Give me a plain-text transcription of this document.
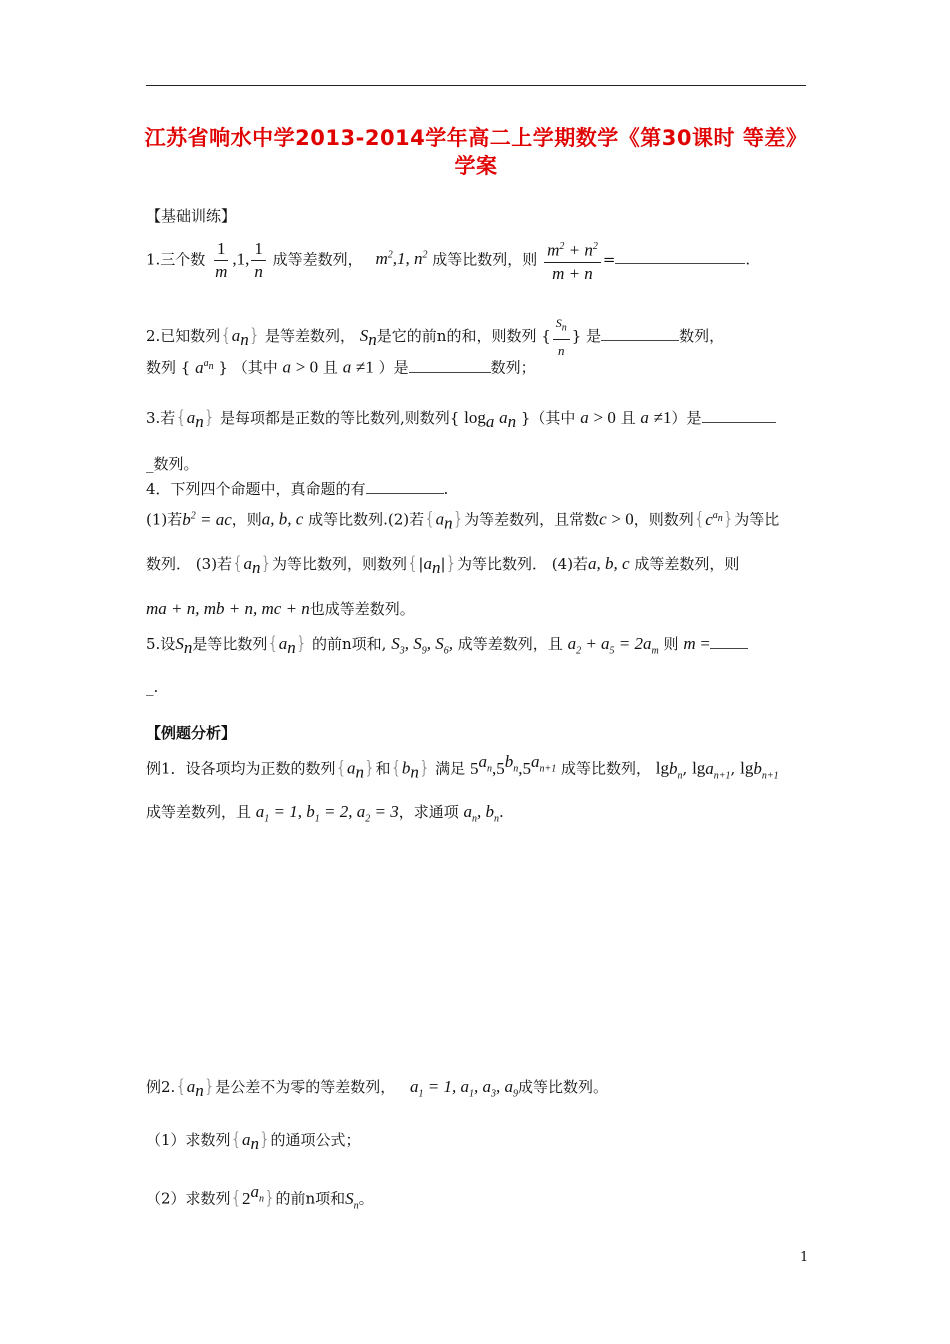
江苏省响水中学2013-2014学年高二上学期数学《第30课时 等差》
学案
【基础训练】
1.三个数 $\frac{1}{m} ,1$, $\frac{1}{n}$ 成等差数列， $m^2,1$, $n^2$ 成等比数列，则 $\frac{m^2 + n^2}{m + n}$ =	.
2.已知数列$\{a_n\}$ 是等差数列， $S_n$是它的前n的和，则数列 { $\frac{S_n}{n}$ } 是	数列，
数列 { $a^{a_n}$ } （其中 a > 0 且 a ≠1 ）是	数列；
3.若$\{a_n\}$ 是每项都是正数的等比数列,则数列{ $\log_a a_n$ }（其中 a > 0 且 a ≠1）是
_数列。
4．下列四个命题中，真命题的有	.
(1)若$b^2$ = ac，则a, b, c 成等比数列.(2)若$\{a_n\}$为等差数列，且常数c > 0，则数列$\{c^{a_n}\}$为等比
数列． (3)若$\{a_n\}$为等比数列，则数列$\{|a_n|\}$为等比数列． (4)若a, b, c 成等差数列，则
ma + n, mb + n, mc + n也成等差数列。
5.设$S_n$是等比数列$\{a_n\}$ 的前n项和, $S_3$, $S_9$, $S_6$, 成等差数列，且 $a_2 + a_5 = 2a_m$ 则 m =
_.
【例题分析】
例1．设各项均为正数的数列$\{a_n\}$和$\{b_n\}$ 满足 $5^{a_n},5^{b_n},5^{a_{n+1}}$ 成等比数列， lgb$_n$, lga$_{n+1}$, lgb$_{n+1}$
成等差数列，且 $a_1 = 1$, $b_1 = 2$, $a_2 = 3$，求通项 $a_n$, $b_n$.
例$2.\{a_n\}$是公差不为零的等差数列， $a_1 = 1$, $a_1$, $a_3$, $a_9$成等比数列。
（1）求数列$\{a_n\}$的通项公式；
（2）求数列$\{2^{a_n}\}$的前n项和$S_n$。
1
